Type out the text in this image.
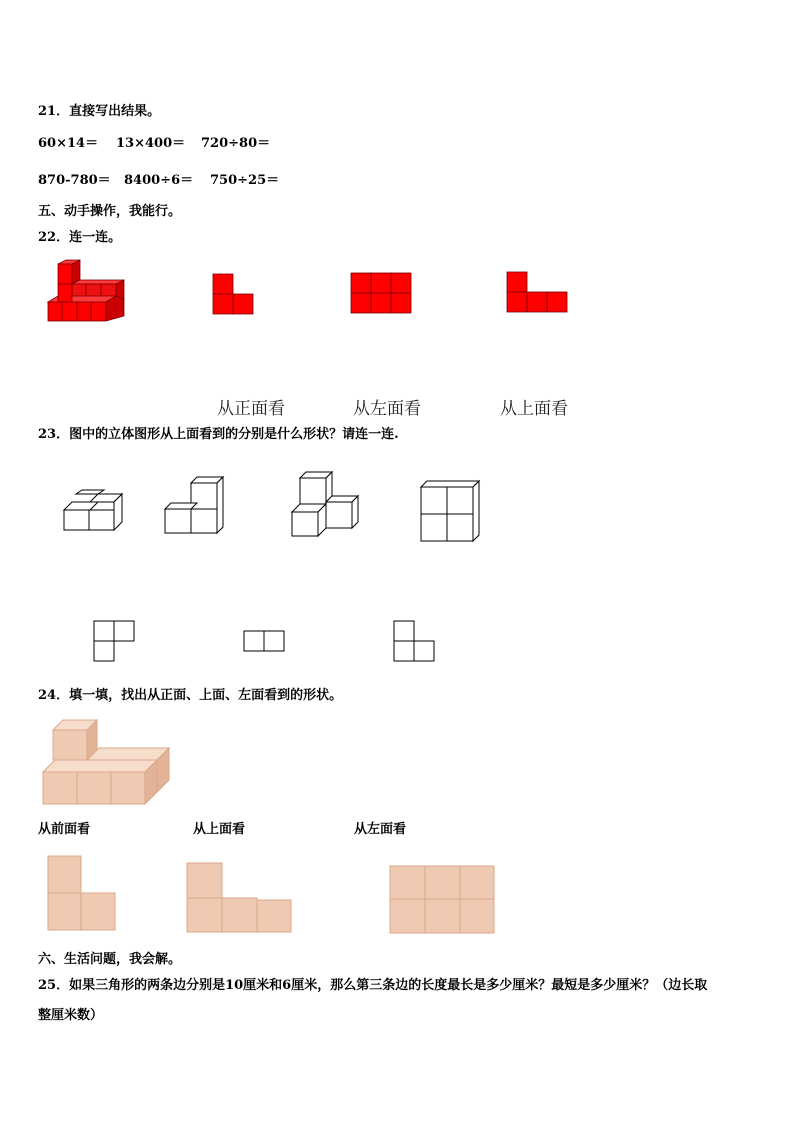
21．直接写出结果。
60×14＝ 13×400＝ 720÷80＝
870-780＝ 8400÷6＝ 750÷25＝
五、动手操作，我能行。
22．连一连。
从正面看	从左面看	从上面看
23．图中的立体图形从上面看到的分别是什么形状？请连一连.
24．填一填，找出从正面、上面、左面看到的形状。
从前面看	从上面看	从左面看
六、生活问题，我会解。
25．如果三角形的两条边分别是10厘米和6厘米，那么第三条边的长度最长是多少厘米？最短是多少厘米？（边长取
整厘米数）
